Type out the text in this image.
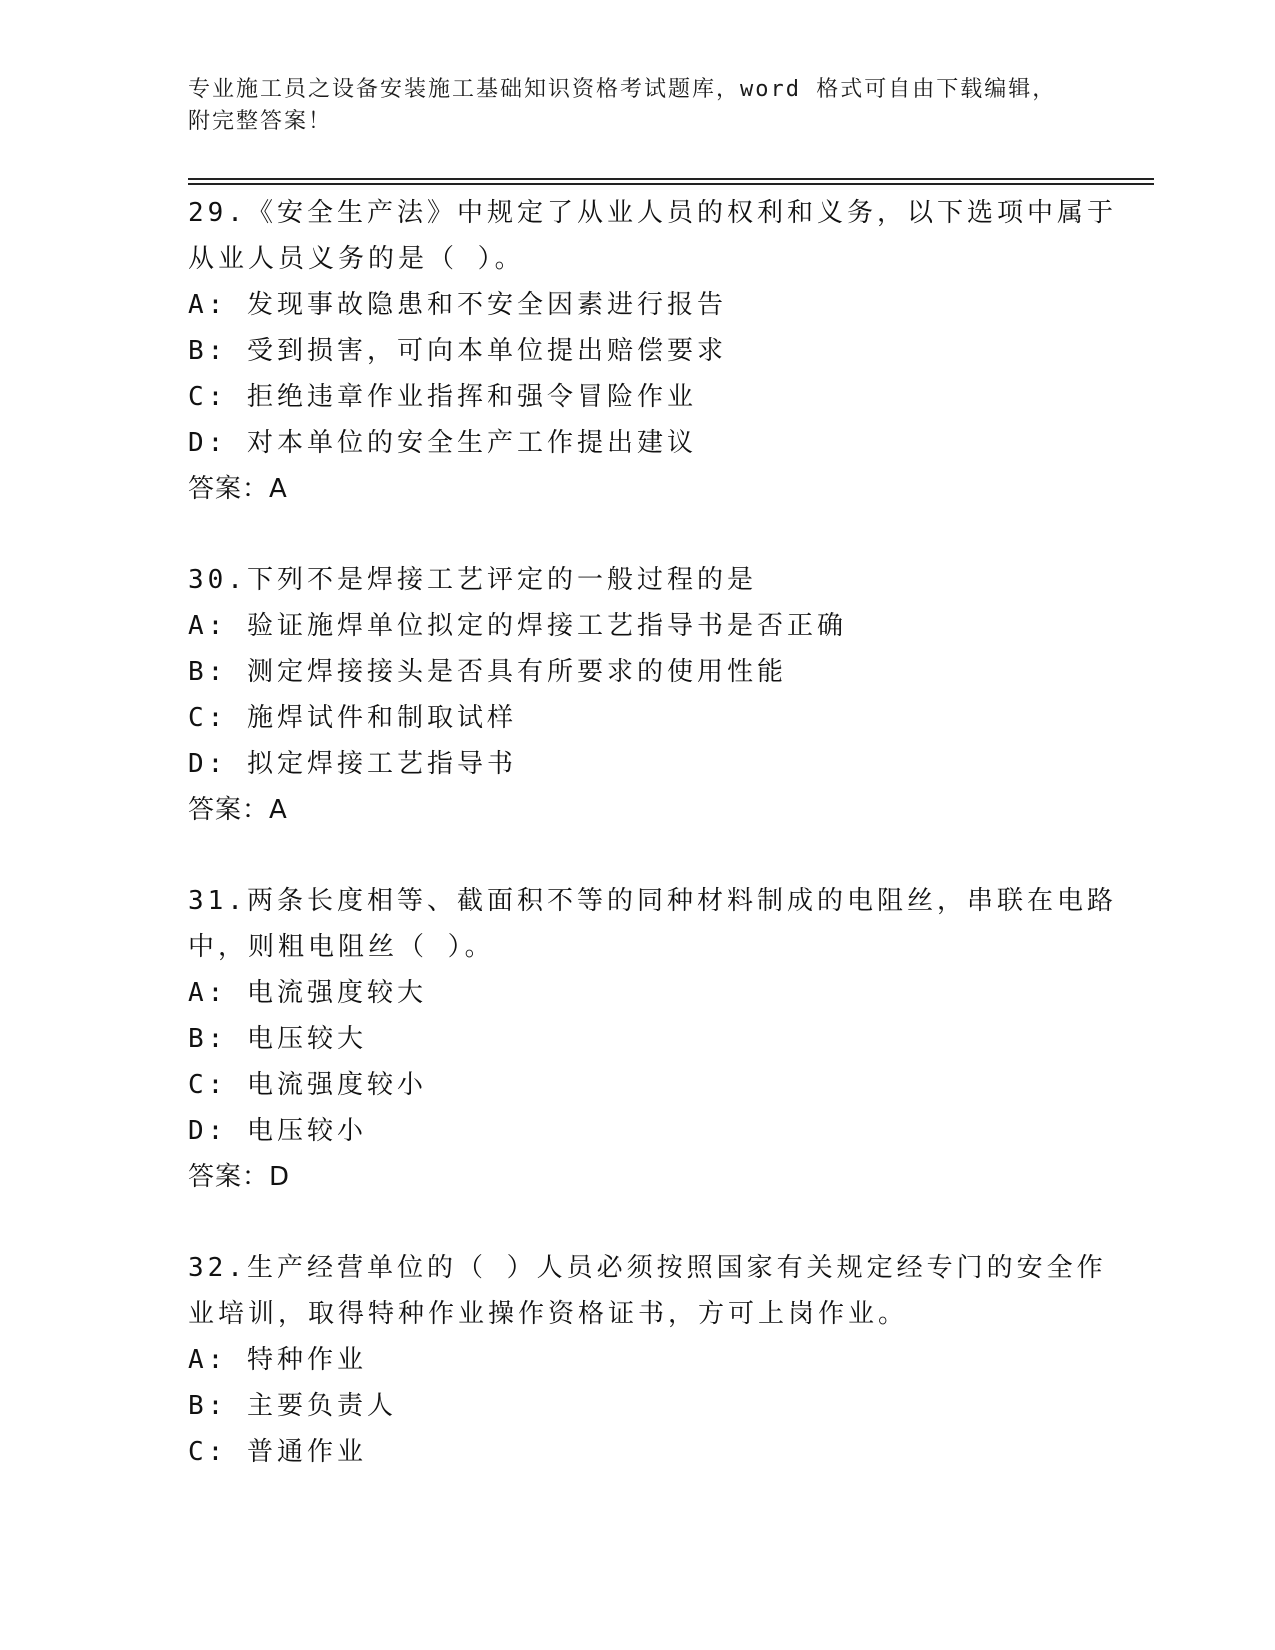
专业施工员之设备安装施工基础知识资格考试题库，word 格式可自由下载编辑，
附完整答案！
29.《安全生产法》中规定了从业人员的权利和义务，以下选项中属于
从业人员义务的是（ ）。
A: 发现事故隐患和不安全因素进行报告
B: 受到损害，可向本单位提出赔偿要求
C: 拒绝违章作业指挥和强令冒险作业
D: 对本单位的安全生产工作提出建议
答案：A
30.下列不是焊接工艺评定的一般过程的是
A: 验证施焊单位拟定的焊接工艺指导书是否正确
B: 测定焊接接头是否具有所要求的使用性能
C: 施焊试件和制取试样
D: 拟定焊接工艺指导书
答案：A
31.两条长度相等、截面积不等的同种材料制成的电阻丝，串联在电路
中，则粗电阻丝（ ）。
A: 电流强度较大
B: 电压较大
C: 电流强度较小
D: 电压较小
答案：D
32.生产经营单位的（ ）人员必须按照国家有关规定经专门的安全作
业培训，取得特种作业操作资格证书，方可上岗作业。
A: 特种作业
B: 主要负责人
C: 普通作业
